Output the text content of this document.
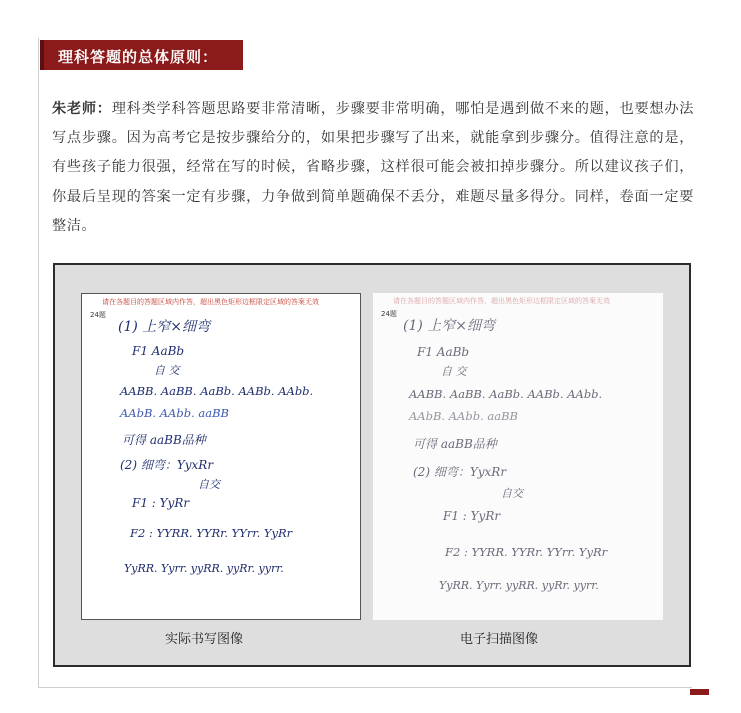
理科答题的总体原则：

朱老师：理科类学科答题思路要非常清晰，步骤要非常明确，哪怕是遇到做不来的题，也要想办法写点步骤。因为高考它是按步骤给分的，如果把步骤写了出来，就能拿到步骤分。值得注意的是，有些孩子能力很强，经常在写的时候，省略步骤，这样很可能会被扣掉步骤分。所以建议孩子们，你最后呈现的答案一定有步骤，力争做到简单题确保不丢分，难题尽量多得分。同样，卷面一定要整洁。

请在各题目的答题区域内作答，超出黑色矩形边框限定区域的答案无效
24题
(1) 上窄×细弯
F1 AaBb
自 交
AABB. AaBB. AaBb. AABb. AAbb.
AAbB. AAbb. aaBB
可得 aaBB品种
(2) 细弯：YyxRr
自交
F1 : YyRr
F2 : YYRR. YYRr. YYrr. YyRr
YyRR. Yyrr. yyRR. yyRr. yyrr.
请在各题目的答题区域内作答，超出黑色矩形边框限定区域的答案无效
24题
(1) 上窄×细弯
F1 AaBb
自 交
AABB. AaBB. AaBb. AABb. AAbb.
AAbB. AAbb. aaBB
可得 aaBB品种
(2) 细弯：YyxRr
自交
F1 : YyRr
F2 : YYRR. YYRr. YYrr. YyRr
YyRR. Yyrr. yyRR. yyRr. yyrr.
实际书写图像	电子扫描图像
